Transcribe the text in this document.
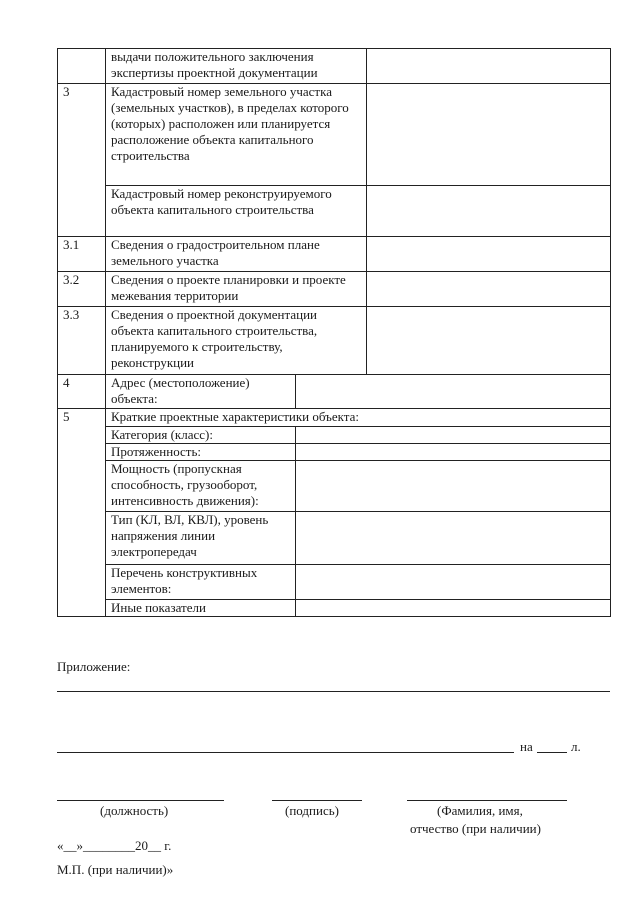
	выдачи положительного заключения экспертизы проектной документации		
3	Кадастровый номер земельного участка (земельных участков), в пределах которого (которых) расположен или планируется расположение объекта капитального строительства		
	Кадастровый номер реконструируемого объекта капитального строительства		
3.1	Сведения о градостроительном плане земельного участка		
3.2	Сведения о проекте планировки и проекте межевания территории		
3.3	Сведения о проектной документации объекта капитального строительства, планируемого к строительству, реконструкции		
4	Адрес (местоположение) объекта:		
5	Краткие проектные характеристики объекта:		
	Категория (класс):		
	Протяженность:		
	Мощность (пропускная способность, грузооборот, интенсивность движения):		
	Тип (КЛ, ВЛ, КВЛ), уровень напряжения линии электропередач		
	Перечень конструктивных элементов:		
	Иные показатели		
Приложение:
на	л.
(должность)	(подпись)	(Фамилия, имя,
отчество (при наличии)
«__»________20__ г.
М.П. (при наличии)»
